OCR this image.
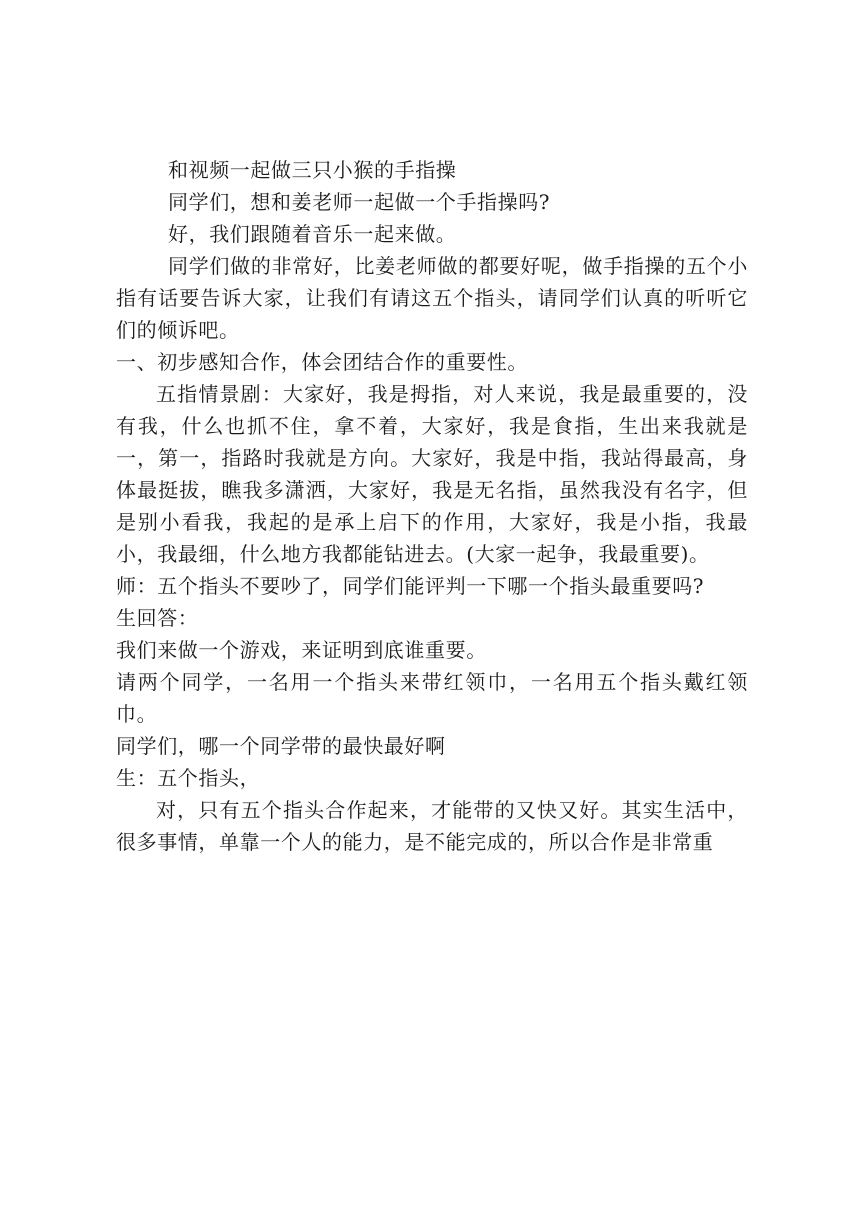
和视频一起做三只小猴的手指操

同学们，想和姜老师一起做一个手指操吗?

好，我们跟随着音乐一起来做。

同学们做的非常好，比姜老师做的都要好呢，做手指操的五个小指有话要告诉大家，让我们有请这五个指头，请同学们认真的听听它们的倾诉吧。

一、初步感知合作，体会团结合作的重要性。

五指情景剧：大家好，我是拇指，对人来说，我是最重要的，没有我，什么也抓不住，拿不着，大家好，我是食指，生出来我就是一，第一，指路时我就是方向。大家好，我是中指，我站得最高，身体最挺拔，瞧我多潇洒，大家好，我是无名指，虽然我没有名字，但是别小看我，我起的是承上启下的作用，大家好，我是小指，我最小，我最细，什么地方我都能钻进去。(大家一起争，我最重要)。

师：五个指头不要吵了，同学们能评判一下哪一个指头最重要吗?

生回答：

我们来做一个游戏，来证明到底谁重要。

请两个同学，一名用一个指头来带红领巾，一名用五个指头戴红领巾。

同学们，哪一个同学带的最快最好啊

生：五个指头，

对，只有五个指头合作起来，才能带的又快又好。其实生活中，很多事情，单靠一个人的能力，是不能完成的，所以合作是非常重
